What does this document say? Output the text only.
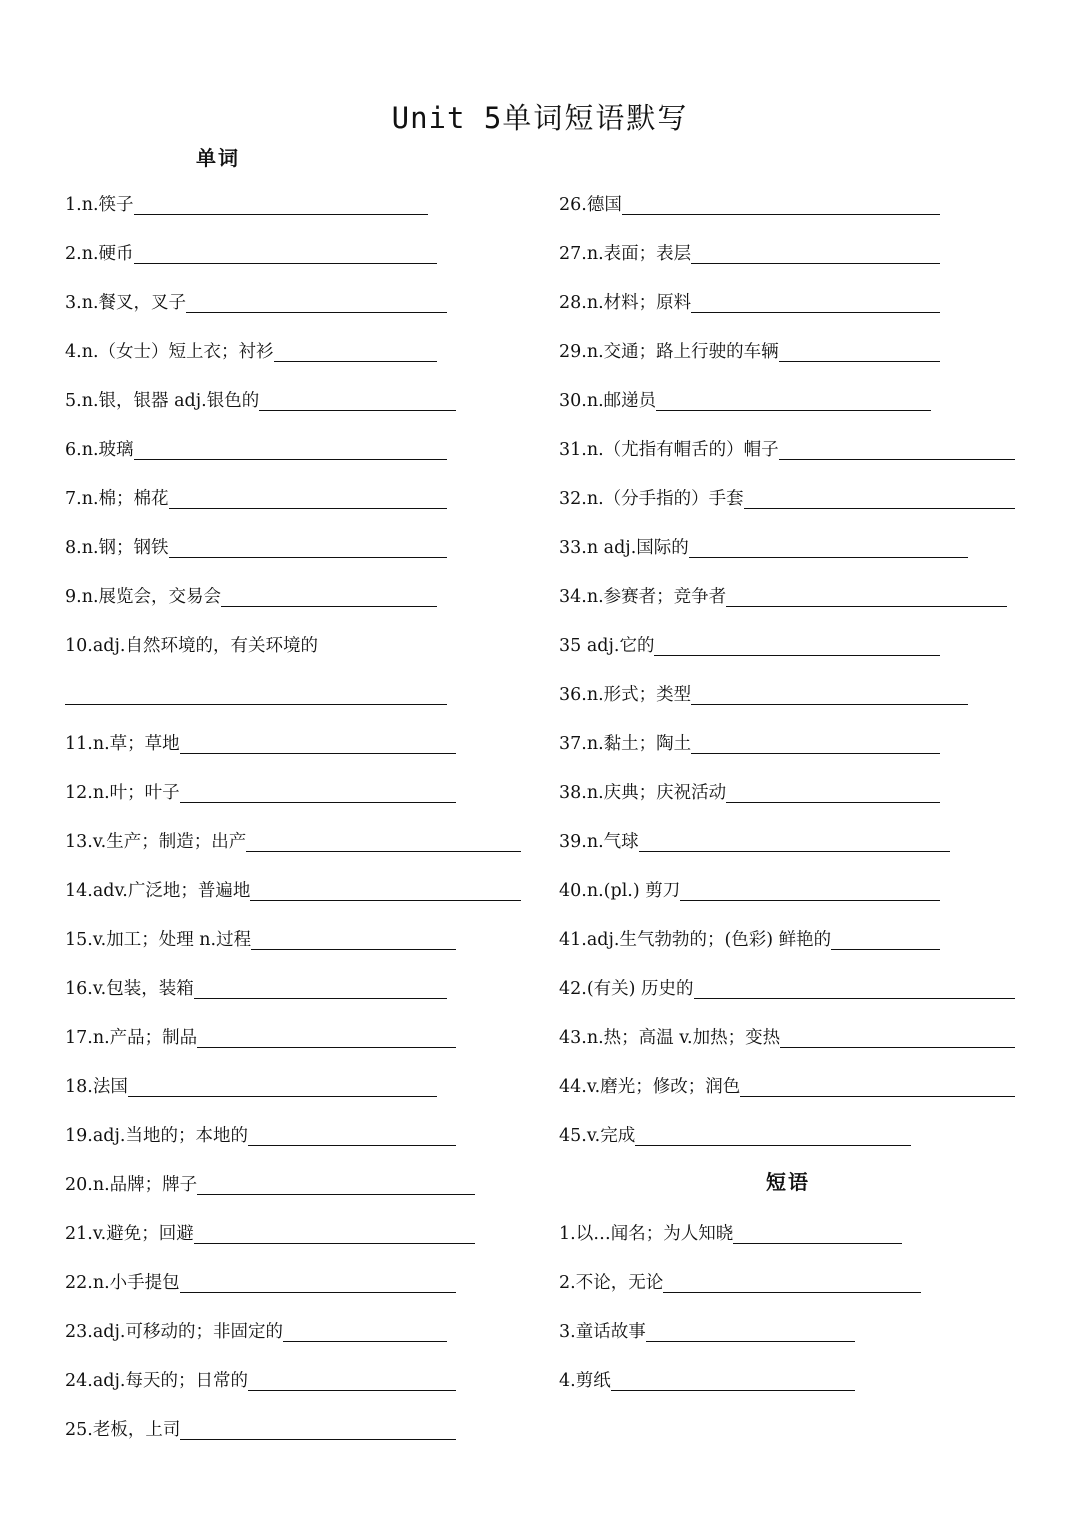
Unit 5单词短语默写
单词
1.n.筷子
2.n.硬币
3.n.餐叉，叉子
4.n.（女士）短上衣；衬衫
5.n.银，银器 adj.银色的
6.n.玻璃
7.n.棉；棉花
8.n.钢；钢铁
9.n.展览会，交易会
10.adj.自然环境的，有关环境的
11.n.草；草地
12.n.叶；叶子
13.v.生产；制造；出产
14.adv.广泛地；普遍地
15.v.加工；处理 n.过程
16.v.包装，装箱
17.n.产品；制品
18.法国
19.adj.当地的；本地的
20.n.品牌；牌子
21.v.避免；回避
22.n.小手提包
23.adj.可移动的；非固定的
24.adj.每天的；日常的
25.老板，上司
26.德国
27.n.表面；表层
28.n.材料；原料
29.n.交通；路上行驶的车辆
30.n.邮递员
31.n.（尤指有帽舌的）帽子
32.n.（分手指的）手套
33.n adj.国际的
34.n.参赛者；竞争者
35 adj.它的
36.n.形式；类型
37.n.黏土；陶土
38.n.庆典；庆祝活动
39.n.气球
40.n.(pl.) 剪刀
41.adj.生气勃勃的；(色彩) 鲜艳的
42.(有关) 历史的
43.n.热；高温 v.加热；变热
44.v.磨光；修改；润色
45.v.完成
短语
1.以…闻名；为人知晓
2.不论，无论
3.童话故事
4.剪纸
